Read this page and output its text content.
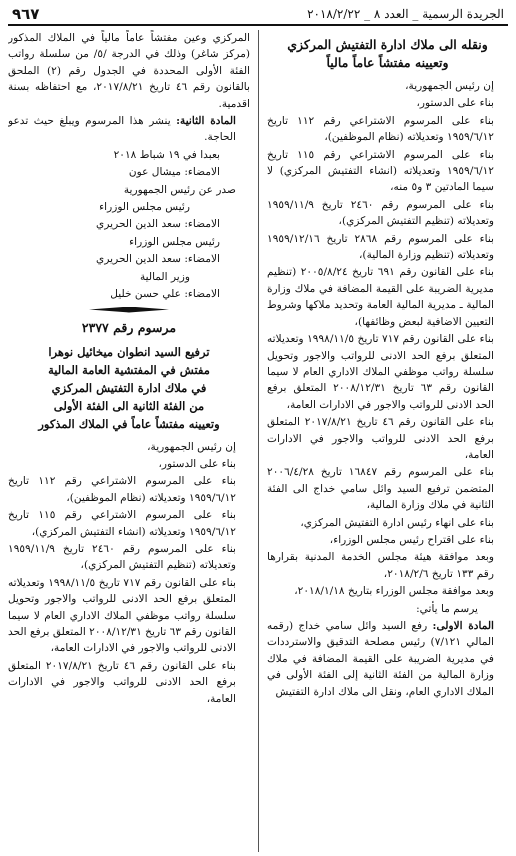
الجريدة الرسمية _ العدد ٨ _ ٢٠١٨/٢/٢٢
٩٦٧
ونقله الى ملاك ادارة التفتيش المركزي
وتعيينه مفتشاً عاماً مالياً

إن رئيس الجمهورية،

بناء على الدستور،

بناء على المرسوم الاشتراعي رقم ١١٢ تاريخ ١٩٥٩/٦/١٢ وتعديلاته (نظام الموظفين)،

بناء على المرسوم الاشتراعي رقم ١١٥ تاريخ ١٩٥٩/٦/١٢ وتعديلاته (انشاء التفتيش المركزي) لا سيما المادتين ٣ و٥ منه،

بناء على المرسوم رقم ٢٤٦٠ تاريخ ١٩٥٩/١١/٩ وتعديلاته (تنظيم التفتيش المركزي)،

بناء على المرسوم رقم ٢٨٦٨ تاريخ ١٩٥٩/١٢/١٦ وتعديلاته (تنظيم وزارة المالية)،

بناء على القانون رقم ٦٩١ تاريخ ٢٠٠٥/٨/٢٤ (تنظيم مديرية الضريبة على القيمة المضافة في ملاك وزارة المالية ـ مديرية المالية العامة وتحديد ملاكها وشروط التعيين الاضافية لبعض وظائفها)،

بناء على القانون رقم ٧١٧ تاريخ ١٩٩٨/١١/٥ وتعديلاته المتعلق برفع الحد الادنى للرواتب والاجور وتحويل سلسلة رواتب موظفي الملاك الاداري العام لا سيما القانون رقم ٦٣ تاريخ ٢٠٠٨/١٢/٣١ المتعلق برفع الحد الادنى للرواتب والاجور في الادارات العامة،

بناء على القانون رقم ٤٦ تاريخ ٢٠١٧/٨/٢١ المتعلق برفع الحد الادنى للرواتب والاجور في الادارات العامة،

بناء على المرسوم رقم ١٦٨٤٧ تاريخ ٢٠٠٦/٤/٢٨ المتضمن ترفيع السيد وائل سامي خداج الى الفئة الثانية في ملاك وزارة المالية،

بناء على انهاء رئيس ادارة التفتيش المركزي،

بناء على اقتراح رئيس مجلس الوزراء،

وبعد موافقة هيئة مجلس الخدمة المدنية بقرارها رقم ١٣٣ تاريخ ٢٠١٨/٢/٦،

وبعد موافقة مجلس الوزراء بتاريخ ٢٠١٨/١/١٨،

يرسم ما يأتي:

المادة الاولى: رفع السيد وائل سامي خداج (رقمه المالي ٧/١٢١) رئيس مصلحة التدقيق والاسترددات في مديرية الضريبة على القيمة المضافة في ملاك وزارة المالية من الفئة الثانية إلى الفئة الأولى في الملاك الاداري العام، ونقل الى ملاك ادارة التفتيش

المركزي وعين مفتشاً عاماً مالياً في الملاك المذكور (مركز شاغر) وذلك في الدرجة /٥/ من سلسلة رواتب الفئة الأولى المحددة في الجدول رقم (٢) الملحق بالقانون رقم ٤٦ تاريخ ٢٠١٧/٨/٢١، مع احتفاظه بسنة اقدمية.

المادة الثانية: ينشر هذا المرسوم ويبلغ حيث تدعو الحاجة.

بعبدا في ١٩ شباط ٢٠١٨

الامضاء: ميشال عون

صدر عن رئيس الجمهورية

رئيس مجلس الوزراء

الامضاء: سعد الدين الحريري

رئيس مجلس الوزراء

الامضاء: سعد الدين الحريري

وزير المالية

الامضاء: علي حسن خليل

مرسوم رقم ٢٣٧٧
ترفيع السيد انطوان ميخائيل نوهرا
مفتش في المفتشية العامة المالية
في ملاك ادارة التفتيش المركزي
من الفئة الثانية الى الفئة الأولى
وتعيينه مفتشاً عاماً في الملاك المذكور

إن رئيس الجمهورية،

بناء على الدستور،

بناء على المرسوم الاشتراعي رقم ١١٢ تاريخ ١٩٥٩/٦/١٢ وتعديلاته (نظام الموظفين)،

بناء على المرسوم الاشتراعي رقم ١١٥ تاريخ ١٩٥٩/٦/١٢ وتعديلاته (انشاء التفتيش المركزي)،

بناء على المرسوم رقم ٢٤٦٠ تاريخ ١٩٥٩/١١/٩ وتعديلاته (تنظيم التفتيش المركزي)،

بناء على القانون رقم ٧١٧ تاريخ ١٩٩٨/١١/٥ وتعديلاته المتعلق برفع الحد الادنى للرواتب والاجور وتحويل سلسلة رواتب موظفي الملاك الاداري العام لا سيما القانون رقم ٦٣ تاريخ ٢٠٠٨/١٢/٣١ المتعلق برفع الحد الادنى للرواتب والاجور في الادارات العامة،

بناء على القانون رقم ٤٦ تاريخ ٢٠١٧/٨/٢١ المتعلق برفع الحد الادنى للرواتب والاجور في الادارات العامة،
